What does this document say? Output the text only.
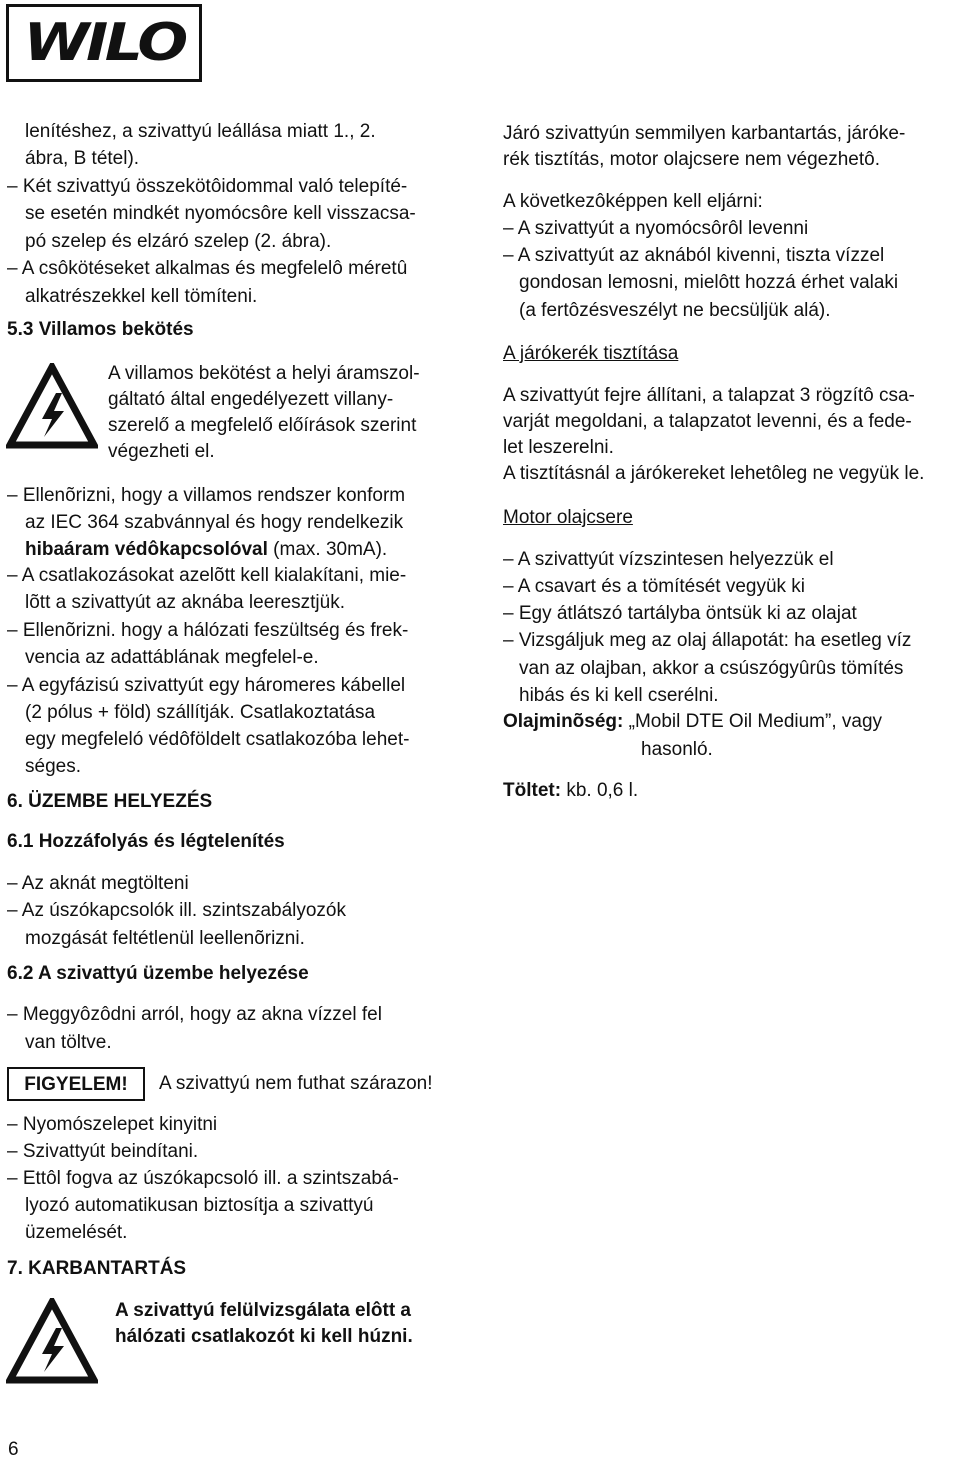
WILO
lenítéshez, a szivattyú leállása miatt 1., 2.
ábra, B tétel).
– Két szivattyú összekötôidommal való telepíté-
se esetén mindkét nyomócsôre kell visszacsa-
pó szelep és elzáró szelep (2. ábra).
– A csôkötéseket alkalmas és megfelelô méretû
alkatrészekkel kell tömíteni.
5.3 Villamos bekötés
A villamos bekötést a helyi áramszol-
gáltató által engedélyezett villany-
szerelő a megfelelő előírások szerint
végezheti el.
– Ellenõrizni, hogy a villamos rendszer konform
az IEC 364 szabvánnyal és hogy rendelkezik
hibaáram védôkapcsolóval (max. 30mA).
– A csatlakozásokat azelõtt kell kialakítani, mie-
lõtt a szivattyút az aknába leeresztjük.
– Ellenõrizni. hogy a hálózati feszültség és frek-
vencia az adattáblának megfelel-e.
– A egyfázisú szivattyút egy háromeres kábellel
(2 pólus + föld) szállítják. Csatlakoztatása
egy megfeleló védôföldelt csatlakozóba lehet-
séges.
6. ÜZEMBE HELYEZÉS
6.1 Hozzáfolyás és légtelenítés
– Az aknát megtölteni
– Az úszókapcsolók ill. szintszabályozók
mozgását feltétlenül leellenõrizni.
6.2 A szivattyú üzembe helyezése
– Meggyôzôdni arról, hogy az akna vízzel fel
van töltve.
FIGYELEM! A szivattyú nem futhat szárazon!
– Nyomószelepet kinyitni
– Szivattyút beindítani.
– Ettôl fogva az úszókapcsoló ill. a szintszabá-
lyozó automatikusan biztosítja a szivattyú
üzemelését.
7. KARBANTARTÁS
A szivattyú felülvizsgálata elôtt a
hálózati csatlakozót ki kell húzni.
Járó szivattyún semmilyen karbantartás, járóke-
rék tisztítás, motor olajcsere nem végezhetô.
A következôképpen kell eljárni:
– A szivattyút a nyomócsôrôl levenni
– A szivattyút az aknából kivenni, tiszta vízzel
gondosan lemosni, mielôtt hozzá érhet valaki
(a fertôzésveszélyt ne becsüljük alá).
A járókerék tisztítása
A szivattyút fejre állítani, a talapzat 3 rögzítô csa-
varját megoldani, a talapzatot levenni, és a fede-
let leszerelni.
A tisztításnál a járókereket lehetôleg ne vegyük le.
Motor olajcsere
– A szivattyút vízszintesen helyezzük el
– A csavart és a tömítését vegyük ki
– Egy átlátszó tartályba öntsük ki az olajat
– Vizsgáljuk meg az olaj állapotát: ha esetleg víz
van az olajban, akkor a csúszógyûrûs tömítés
hibás és ki kell cserélni.
Olajminõség: „Mobil DTE Oil Medium”, vagy
hasonló.
Töltet: kb. 0,6 l.
6
